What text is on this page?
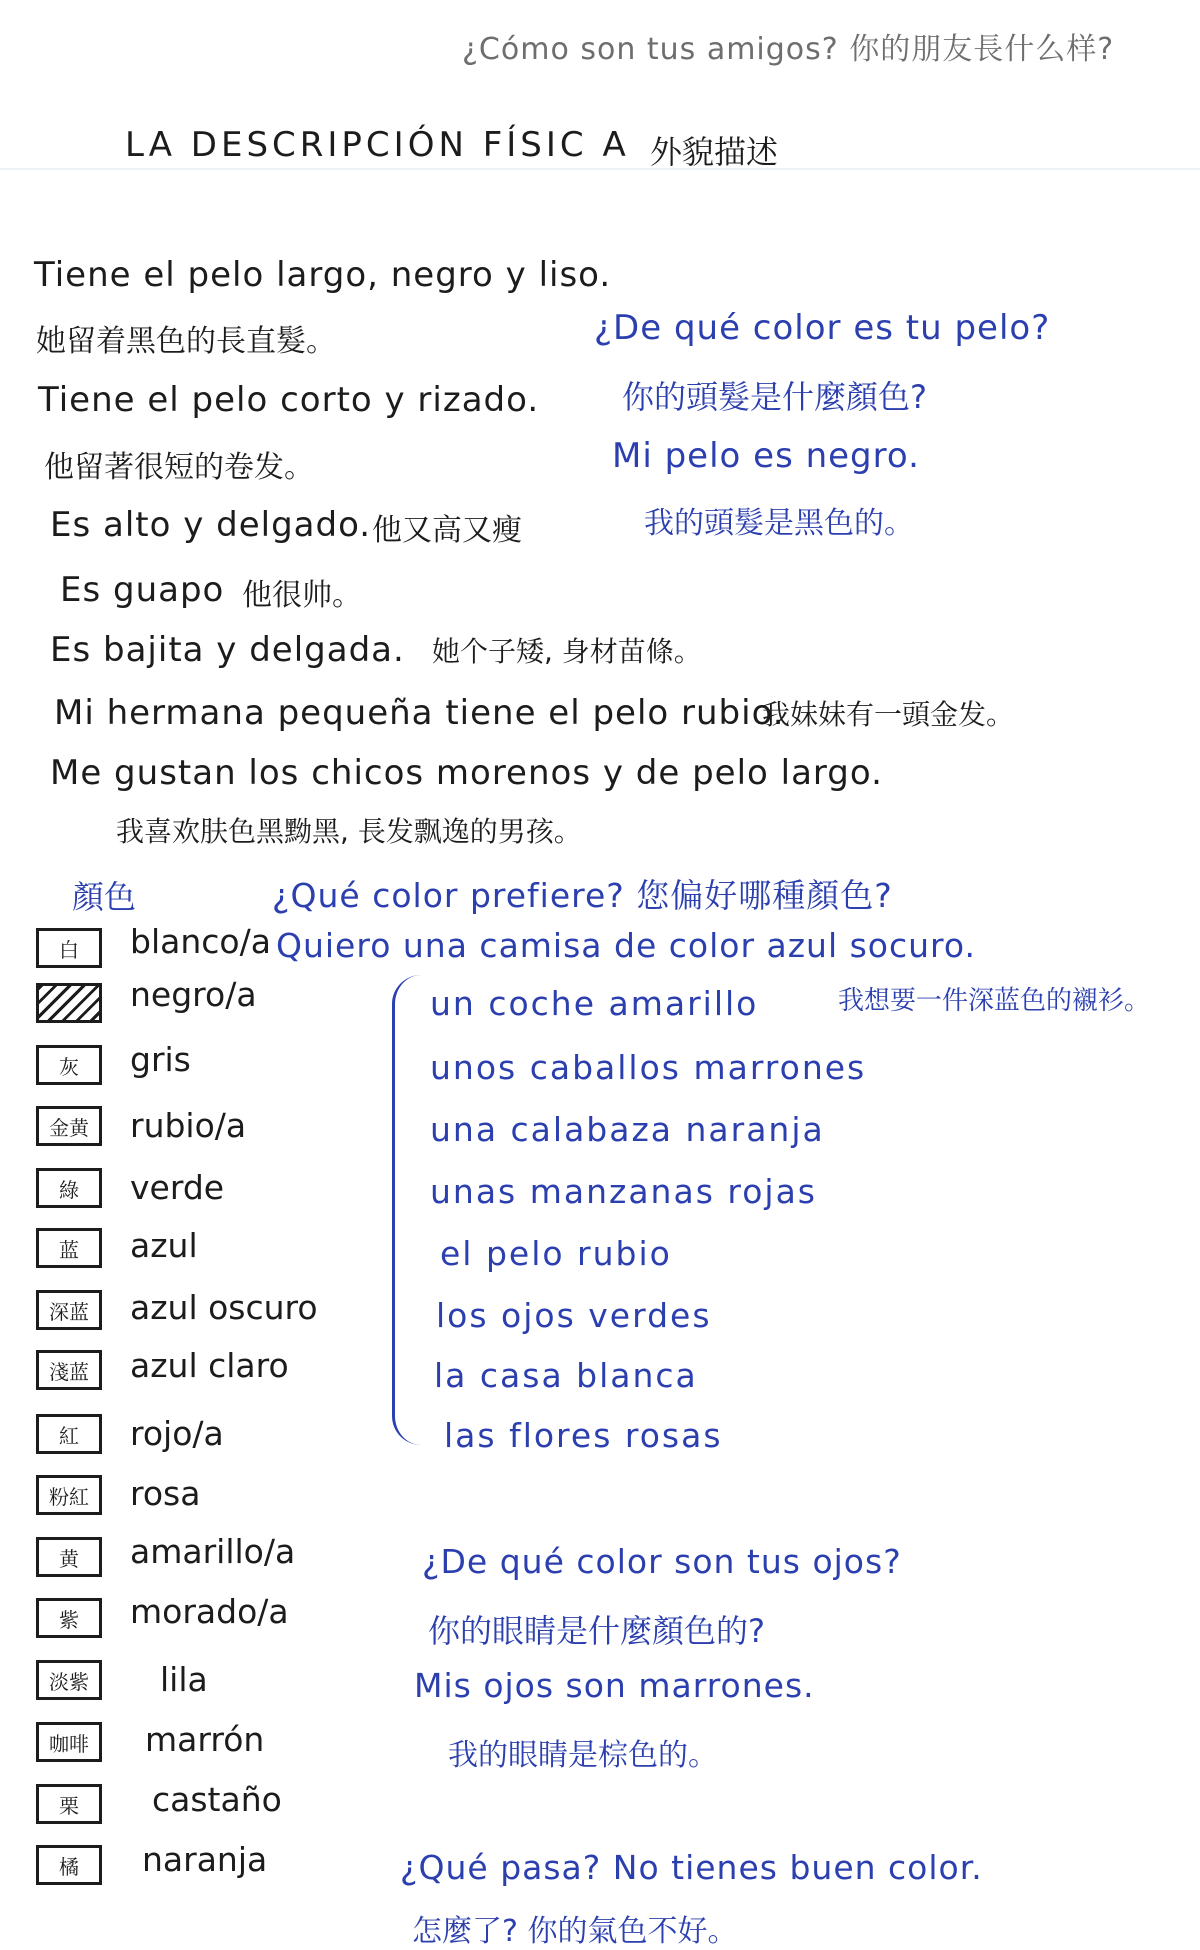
¿Cómo son tus amigos? 你的朋友長什么样?
LA DESCRIPCIÓN FÍSIC A 外貌描述
Tiene el pelo largo, negro y liso.
她留着黑色的長直髮。
Tiene el pelo corto y rizado.
他留著很短的卷发。
Es alto y delgado. 他又高又瘦
Es guapo 他很帅。
Es bajita y delgada. 她个子矮, 身材苗條。
Mi hermana pequeña tiene el pelo rubio.
我妹妹有一頭金发。
Me gustan los chicos morenos y de pelo largo.
我喜欢肤色黑黝黑, 長发飘逸的男孩。
¿De qué color es tu pelo?
你的頭髮是什麼顏色?
Mi pelo es negro.
我的頭髮是黑色的。
顏色	¿Qué color prefiere? 您偏好哪種顏色?
Quiero una camisa de color azul socuro.
我想要一件深蓝色的襯衫。
白	blanco/a
negro/a
灰	gris
金黄	rubio/a
綠	verde
蓝	azul
深蓝	azul oscuro
淺蓝	azul claro
紅	rojo/a
粉紅	rosa
黄	amarillo/a
紫	morado/a
淡紫	lila
咖啡	marrón
栗	castaño
橘	naranja
un coche amarillo
unos caballos marrones
una calabaza naranja
unas manzanas rojas
el pelo rubio
los ojos verdes
la casa blanca
las flores rosas
¿De qué color son tus ojos?
你的眼睛是什麼顏色的?
Mis ojos son marrones.
我的眼睛是棕色的。
¿Qué pasa? No tienes buen color.
怎麼了? 你的氣色不好。
